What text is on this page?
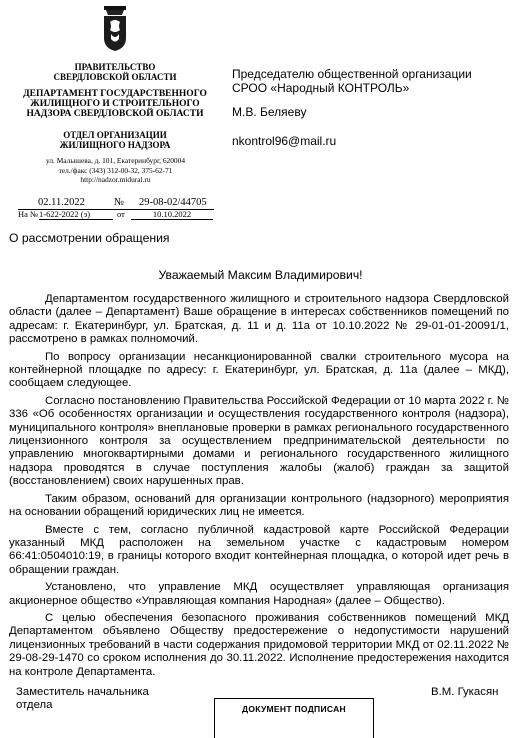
ПРАВИТЕЛЬСТВО
СВЕРДЛОВСКОЙ ОБЛАСТИ
ДЕПАРТАМЕНТ ГОСУДАРСТВЕННОГО
ЖИЛИЩНОГО И СТРОИТЕЛЬНОГО
НАДЗОРА СВЕРДЛОВСКОЙ ОБЛАСТИ
ОТДЕЛ ОРГАНИЗАЦИИ
ЖИЛИЩНОГО НАДЗОРА
ул. Малышева, д. 101, Екатеринбург, 620004
тел./факс (343) 312-00-32, 375-62-71
http://nadzor.midural.ru
02.11.2022	№ 29-08-02/44705
На № 1-622-2022 (э)	от	10.10.2022
Председателю общественной организации
СРОО «Народный КОНТРОЛЬ»
М.В. Беляеву
nkontrol96@mail.ru
О рассмотрении обращения
Уважаемый Максим Владимирович!

Департаментом государственного жилищного и строительного надзора Свердловской области (далее – Департамент) Ваше обращение в интересах собственников помещений по адресам: г. Екатеринбург, ул. Братская, д. 11 и д. 11а от 10.10.2022 № 29-01-01-20091/1, рассмотрено в рамках полномочий.

По вопросу организации несанкционированной свалки строительного мусора на контейнерной площадке по адресу: г. Екатеринбург, ул. Братская, д. 11а (далее – МКД), сообщаем следующее.

Согласно постановлению Правительства Российской Федерации от 10 марта 2022 г. № 336 «Об особенностях организации и осуществления государственного контроля (надзора), муниципального контроля» внеплановые проверки в рамках регионального государственного лицензионного контроля за осуществлением предпринимательской деятельности по управлению многоквартирными домами и регионального государственного жилищного надзора проводятся в случае поступления жалобы (жалоб) граждан за защитой (восстановлением) своих нарушенных прав.

Таким образом, оснований для организации контрольного (надзорного) мероприятия на основании обращений юридических лиц не имеется.

Вместе с тем, согласно публичной кадастровой карте Российской Федерации указанный МКД расположен на земельном участке с кадастровым номером 66:41:0504010:19, в границы которого входит контейнерная площадка, о которой идет речь в обращении граждан.

Установлено, что управление МКД осуществляет управляющая организация акционерное общество «Управляющая компания Народная» (далее – Общество).

С целью обеспечения безопасного проживания собственников помещений МКД Департаментом объявлено Обществу предостережение о недопустимости нарушений лицензионных требований в части содержания придомовой территории МКД от 02.11.2022 № 29-08-29-1470 со сроком исполнения до 30.11.2022. Исполнение предостережения находится на контроле Департамента.

Заместитель начальника
отдела
В.М. Гукасян
ДОКУМЕНТ ПОДПИСАН
